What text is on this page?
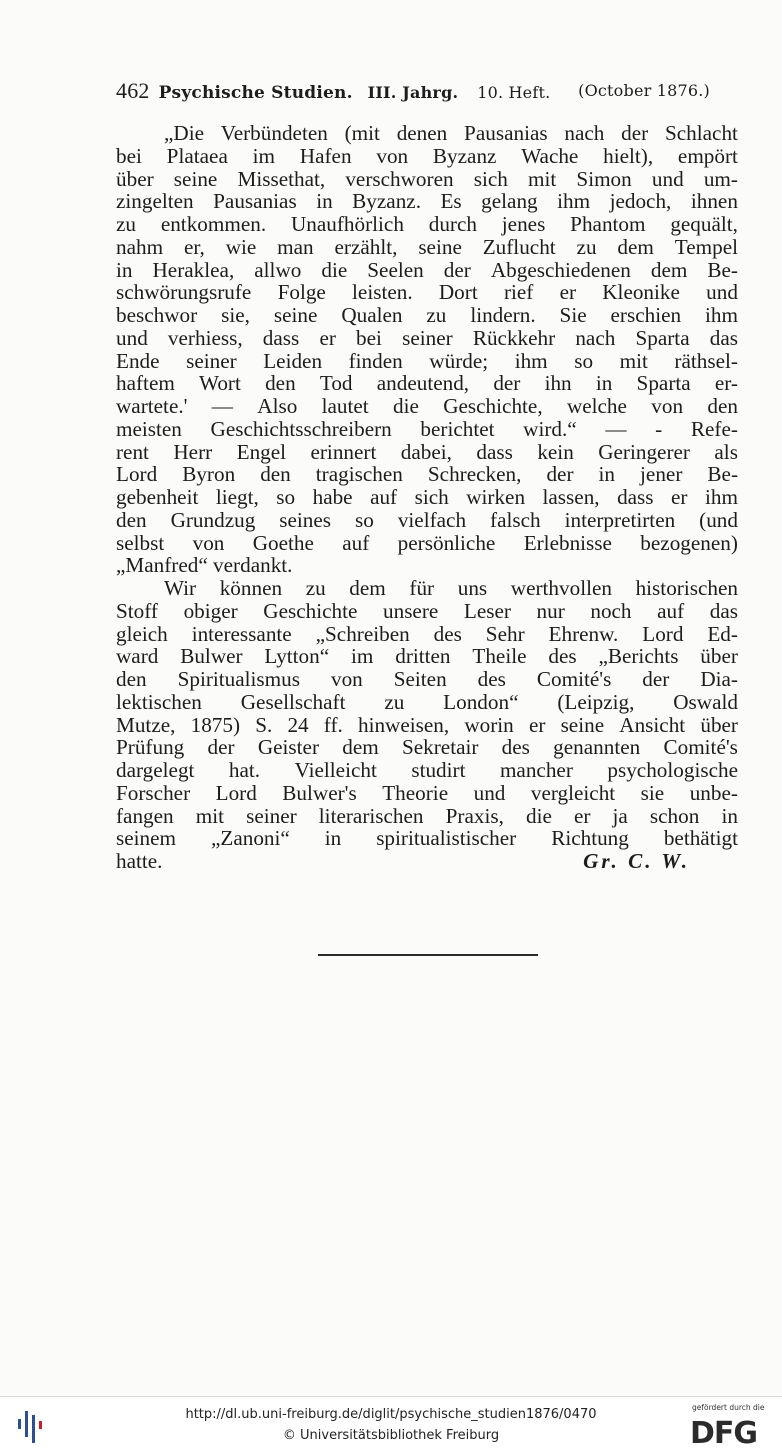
462 Psychische Studien. III. Jahrg. 10. Heft. (October 1876.)
„Die Verbündeten (mit denen Pausanias nach der Schlacht
bei Plataea im Hafen von Byzanz Wache hielt), empört
über seine Missethat, verschworen sich mit Simon und um-
zingelten Pausanias in Byzanz. Es gelang ihm jedoch, ihnen
zu entkommen. Unaufhörlich durch jenes Phantom gequält,
nahm er, wie man erzählt, seine Zuflucht zu dem Tempel
in Heraklea, allwo die Seelen der Abgeschiedenen dem Be-
schwörungsrufe Folge leisten. Dort rief er Kleonike und
beschwor sie, seine Qualen zu lindern. Sie erschien ihm
und verhiess, dass er bei seiner Rückkehr nach Sparta das
Ende seiner Leiden finden würde; ihm so mit räthsel-
haftem Wort den Tod andeutend, der ihn in Sparta er-
wartete.' — Also lautet die Geschichte, welche von den
meisten Geschichtsschreibern berichtet wird.“ — - Refe-
rent Herr Engel erinnert dabei, dass kein Geringerer als
Lord Byron den tragischen Schrecken, der in jener Be-
gebenheit liegt, so habe auf sich wirken lassen, dass er ihm
den Grundzug seines so vielfach falsch interpretirten (und
selbst von Goethe auf persönliche Erlebnisse bezogenen)
„Manfred“ verdankt.
Wir können zu dem für uns werthvollen historischen
Stoff obiger Geschichte unsere Leser nur noch auf das
gleich interessante „Schreiben des Sehr Ehrenw. Lord Ed-
ward Bulwer Lytton“ im dritten Theile des „Berichts über
den Spiritualismus von Seiten des Comité's der Dia-
lektischen Gesellschaft zu London“ (Leipzig, Oswald
Mutze, 1875) S. 24 ff. hinweisen, worin er seine Ansicht über
Prüfung der Geister dem Sekretair des genannten Comité's
dargelegt hat. Vielleicht studirt mancher psychologische
Forscher Lord Bulwer's Theorie und vergleicht sie unbe-
fangen mit seiner literarischen Praxis, die er ja schon in
seinem „Zanoni“ in spiritualistischer Richtung bethätigt
hatte.	Gr. C. W.
http://dl.ub.uni-freiburg.de/diglit/psychische_studien1876/0470
© Universitätsbibliothek Freiburg
gefördert durch die
DFG
